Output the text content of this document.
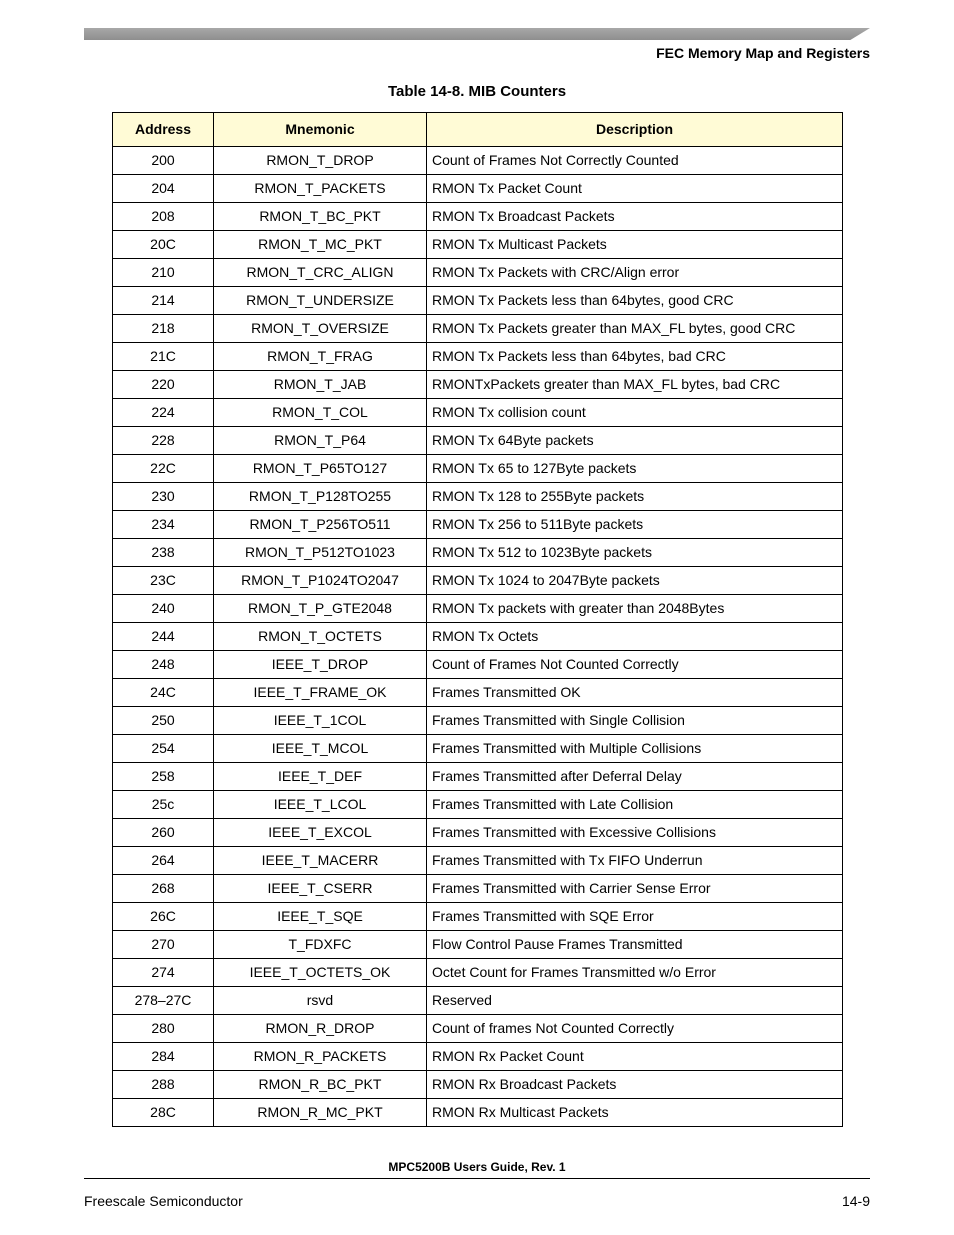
FEC Memory Map and Registers
Table 14-8. MIB Counters
Address	Mnemonic	Description
200	RMON_T_DROP	Count of Frames Not Correctly Counted
204	RMON_T_PACKETS	RMON Tx Packet Count
208	RMON_T_BC_PKT	RMON Tx Broadcast Packets
20C	RMON_T_MC_PKT	RMON Tx Multicast Packets
210	RMON_T_CRC_ALIGN	RMON Tx Packets with CRC/Align error
214	RMON_T_UNDERSIZE	RMON Tx Packets less than 64bytes, good CRC
218	RMON_T_OVERSIZE	RMON Tx Packets greater than MAX_FL bytes, good CRC
21C	RMON_T_FRAG	RMON Tx Packets less than 64bytes, bad CRC
220	RMON_T_JAB	RMONTxPackets greater than MAX_FL bytes, bad CRC
224	RMON_T_COL	RMON Tx collision count
228	RMON_T_P64	RMON Tx 64Byte packets
22C	RMON_T_P65TO127	RMON Tx 65 to 127Byte packets
230	RMON_T_P128TO255	RMON Tx 128 to 255Byte packets
234	RMON_T_P256TO511	RMON Tx 256 to 511Byte packets
238	RMON_T_P512TO1023	RMON Tx 512 to 1023Byte packets
23C	RMON_T_P1024TO2047	RMON Tx 1024 to 2047Byte packets
240	RMON_T_P_GTE2048	RMON Tx packets with greater than 2048Bytes
244	RMON_T_OCTETS	RMON Tx Octets
248	IEEE_T_DROP	Count of Frames Not Counted Correctly
24C	IEEE_T_FRAME_OK	Frames Transmitted OK
250	IEEE_T_1COL	Frames Transmitted with Single Collision
254	IEEE_T_MCOL	Frames Transmitted with Multiple Collisions
258	IEEE_T_DEF	Frames Transmitted after Deferral Delay
25c	IEEE_T_LCOL	Frames Transmitted with Late Collision
260	IEEE_T_EXCOL	Frames Transmitted with Excessive Collisions
264	IEEE_T_MACERR	Frames Transmitted with Tx FIFO Underrun
268	IEEE_T_CSERR	Frames Transmitted with Carrier Sense Error
26C	IEEE_T_SQE	Frames Transmitted with SQE Error
270	T_FDXFC	Flow Control Pause Frames Transmitted
274	IEEE_T_OCTETS_OK	Octet Count for Frames Transmitted w/o Error
278–27C	rsvd	Reserved
280	RMON_R_DROP	Count of frames Not Counted Correctly
284	RMON_R_PACKETS	RMON Rx Packet Count
288	RMON_R_BC_PKT	RMON Rx Broadcast Packets
28C	RMON_R_MC_PKT	RMON Rx Multicast Packets
MPC5200B Users Guide, Rev. 1
Freescale Semiconductor	14-9
